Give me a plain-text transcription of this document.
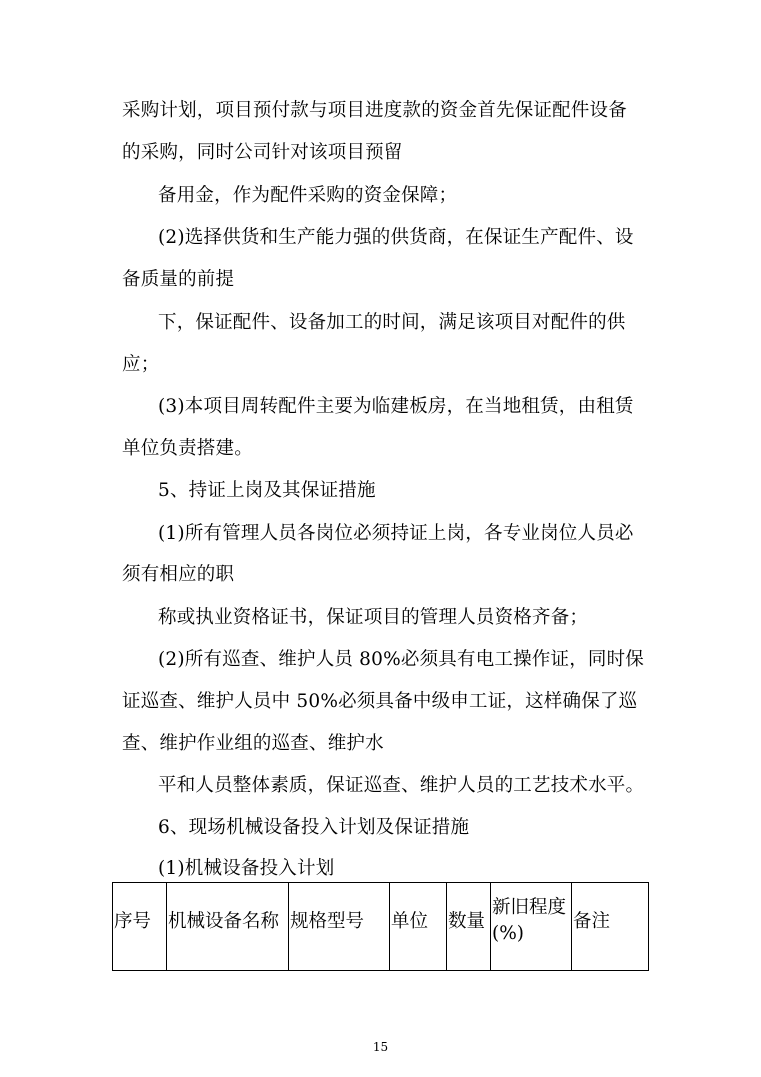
采购计划，项目预付款与项目进度款的资金首先保证配件设备
的采购，同时公司针对该项目预留
备用金，作为配件采购的资金保障；
(2)选择供货和生产能力强的供货商，在保证生产配件、设
备质量的前提
下，保证配件、设备加工的时间，满足该项目对配件的供
应；
(3)本项目周转配件主要为临建板房，在当地租赁，由租赁
单位负责搭建。
5、持证上岗及其保证措施
(1)所有管理人员各岗位必须持证上岗，各专业岗位人员必
须有相应的职
称或执业资格证书，保证项目的管理人员资格齐备；
(2)所有巡查、维护人员 80%必须具有电工操作证，同时保
证巡查、维护人员中 50%必须具备中级申工证，这样确保了巡
查、维护作业组的巡查、维护水
平和人员整体素质，保证巡查、维护人员的工艺技术水平。
6、现场机械设备投入计划及保证措施
(1)机械设备投入计划
序号 机械设备名称 规格型号 单位 数量
新旧程度
(%)
备注
15
